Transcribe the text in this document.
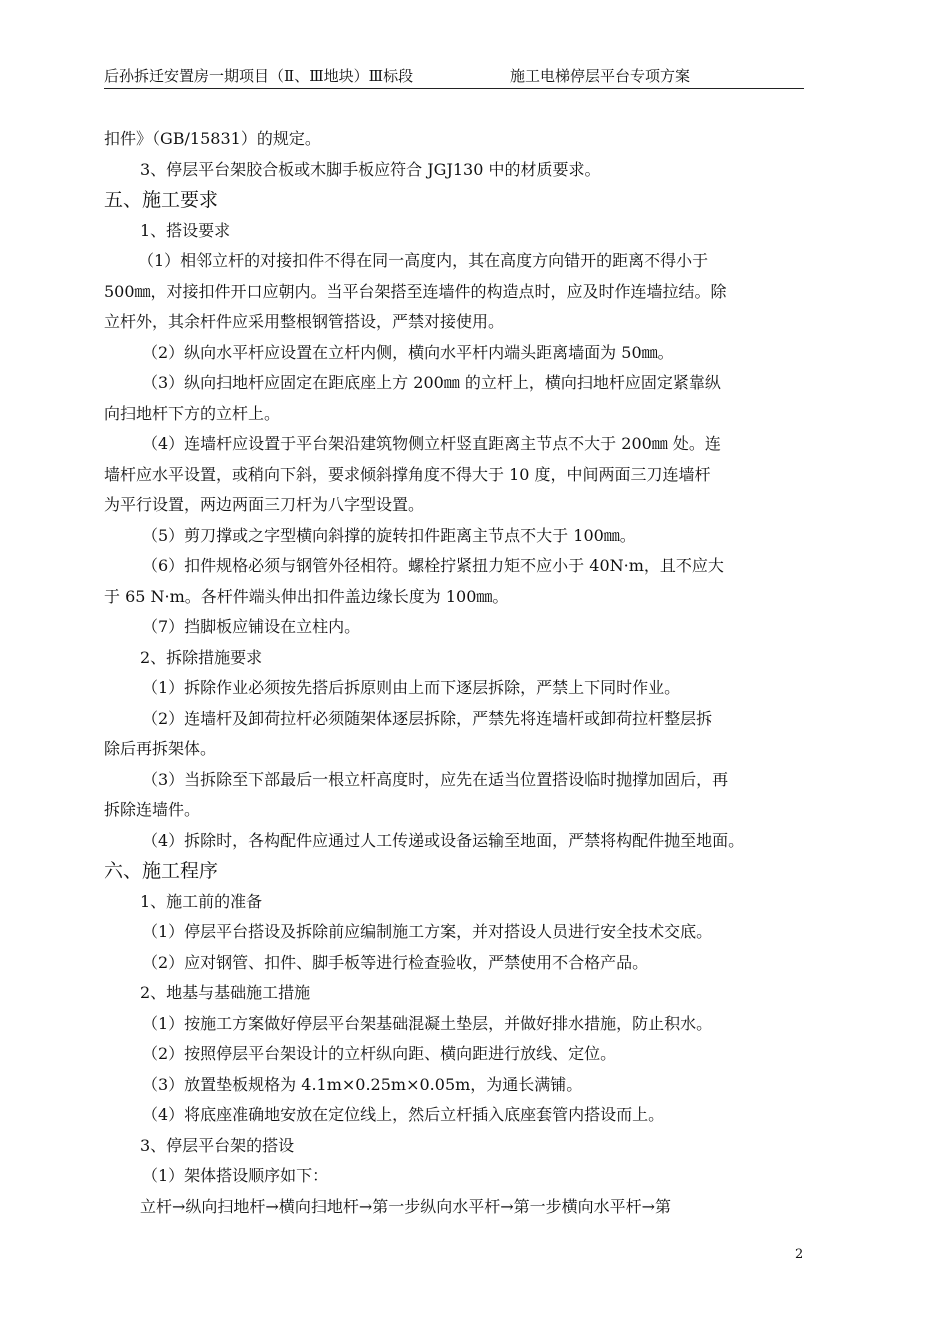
后孙拆迁安置房一期项目（Ⅱ、Ⅲ地块）Ⅲ标段	施工电梯停层平台专项方案
扣件》（GB/15831）的规定。
3、停层平台架胶合板或木脚手板应符合 JGJ130 中的材质要求。
五、施工要求
1、搭设要求
（1）相邻立杆的对接扣件不得在同一高度内，其在高度方向错开的距离不得小于
500㎜，对接扣件开口应朝内。当平台架搭至连墙件的构造点时，应及时作连墙拉结。除
立杆外，其余杆件应采用整根钢管搭设，严禁对接使用。
（2）纵向水平杆应设置在立杆内侧，横向水平杆内端头距离墙面为 50㎜。
（3）纵向扫地杆应固定在距底座上方 200㎜ 的立杆上，横向扫地杆应固定紧靠纵
向扫地杆下方的立杆上。
（4）连墙杆应设置于平台架沿建筑物侧立杆竖直距离主节点不大于 200㎜ 处。连
墙杆应水平设置，或稍向下斜，要求倾斜撑角度不得大于 10 度，中间两面三刀连墙杆
为平行设置，两边两面三刀杆为八字型设置。
（5）剪刀撑或之字型横向斜撑的旋转扣件距离主节点不大于 100㎜。
（6）扣件规格必须与钢管外径相符。螺栓拧紧扭力矩不应小于 40N·m，且不应大
于 65 N·m。各杆件端头伸出扣件盖边缘长度为 100㎜。
（7）挡脚板应铺设在立柱内。
2、拆除措施要求
（1）拆除作业必须按先搭后拆原则由上而下逐层拆除，严禁上下同时作业。
（2）连墙杆及卸荷拉杆必须随架体逐层拆除，严禁先将连墙杆或卸荷拉杆整层拆
除后再拆架体。
（3）当拆除至下部最后一根立杆高度时，应先在适当位置搭设临时抛撑加固后，再
拆除连墙件。
（4）拆除时，各构配件应通过人工传递或设备运输至地面，严禁将构配件抛至地面。
六、施工程序
1、施工前的准备
（1）停层平台搭设及拆除前应编制施工方案，并对搭设人员进行安全技术交底。
（2）应对钢管、扣件、脚手板等进行检查验收，严禁使用不合格产品。
2、地基与基础施工措施
（1）按施工方案做好停层平台架基础混凝土垫层，并做好排水措施，防止积水。
（2）按照停层平台架设计的立杆纵向距、横向距进行放线、定位。
（3）放置垫板规格为 4.1m×0.25m×0.05m，为通长满铺。
（4）将底座准确地安放在定位线上，然后立杆插入底座套管内搭设而上。
3、停层平台架的搭设
（1）架体搭设顺序如下：
立杆→纵向扫地杆→横向扫地杆→第一步纵向水平杆→第一步横向水平杆→第
2
